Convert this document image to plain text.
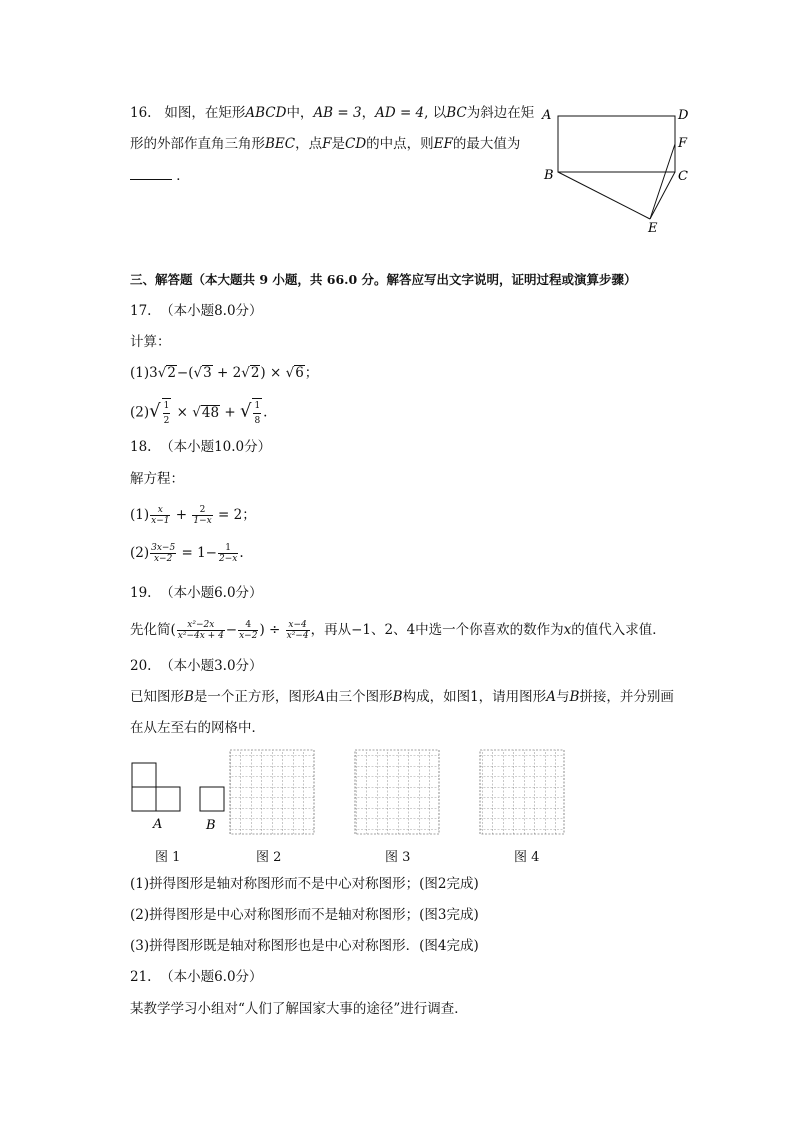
16. 如图，在矩形ABCD中，AB = 3，AD = 4, 以BC为斜边在矩
形的外部作直角三角形BEC，点F是CD的中点，则EF的最大值为
．
A	D
F
B	C
E
三、解答题（本大题共 9 小题，共 66.0 分。解答应写出文字说明，证明过程或演算步骤）
17. （本小题8.0分）
计算：
(1)3√2−(√3 + 2√2) × √6；
$(2)√ \frac{1}{2} \times √48$ + √ $\frac{1}{8}$ .
18. （本小题10.0分）
解方程：
$(1) \frac{x}{x-1} + \frac{2}{1-x} = 2$；
$(2) \frac{3x-5}{x-2} = 1- \frac{1}{2-x}$ .
19. （本小题6.0分）
先化简( $\frac{\text{x²−2x}}{\text{x²−4x + 4}} - \frac{4}{x-2}$ ) ÷ $\frac{x-4}{\text{x²−4}}$ ，再从−1、2、4中选一个你喜欢的数作为x的值代入求值．
20. （本小题3.0分）
已知图形B是一个正方形，图形A由三个图形B构成，如图1，请用图形A与B拼接，并分别画
在从左至右的网格中．
A	B
图 1	图 2	图 3	图 4
(1)拼得图形是轴对称图形而不是中心对称图形；(图2完成)
(2)拼得图形是中心对称图形而不是轴对称图形；(图3完成)
(3)拼得图形既是轴对称图形也是中心对称图形．(图4完成)
21. （本小题6.0分）
某教学学习小组对“人们了解国家大事的途径”进行调查．
